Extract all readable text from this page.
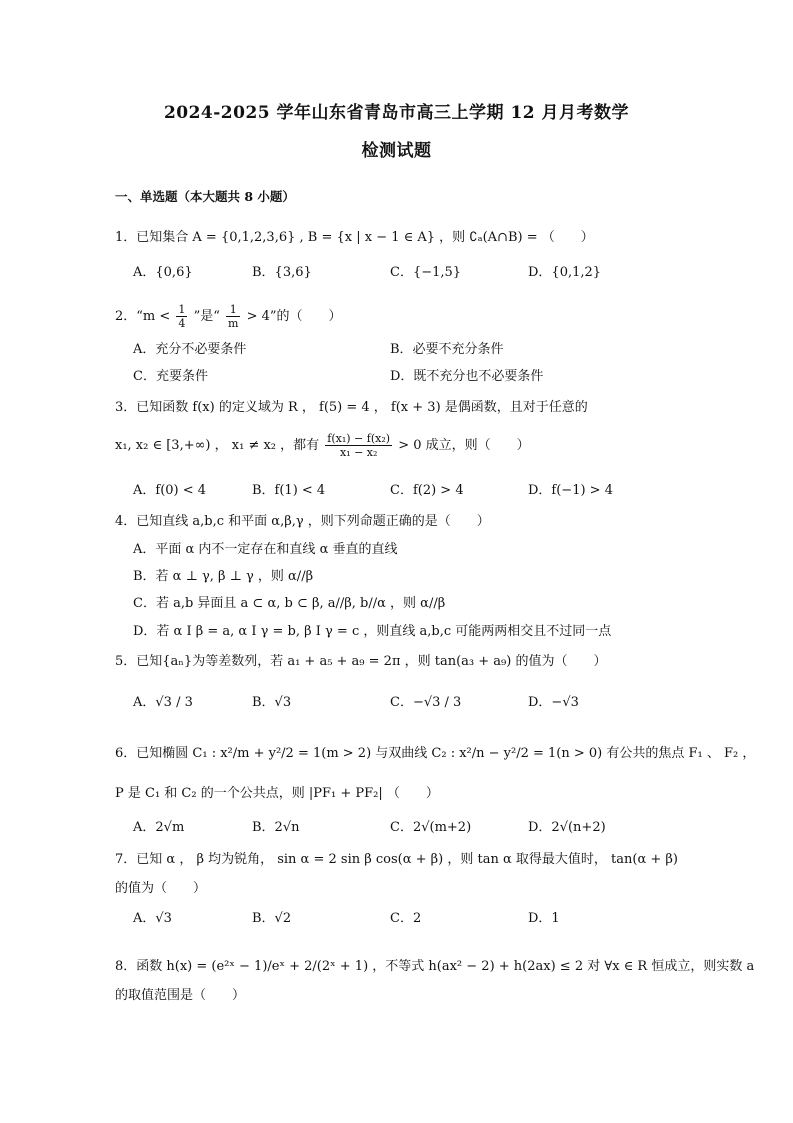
2024-2025 学年山东省青岛市高三上学期 12 月月考数学
检测试题
一、单选题（本大题共 8 小题）
1．已知集合 A = {0,1,2,3,6} , B = {x | x − 1 ∈ A} ，则 ∁ₐ(A∩B) = （　　）
A．{0,6}	B．{3,6}	C．{−1,5}	D．{0,1,2}
2．“$m < \frac{1}{4}$ ”是“ $\frac{1}{m} > 4$”的（　　）
A．充分不必要条件	B．必要不充分条件
C．充要条件	D．既不充分也不必要条件
3．已知函数 f(x) 的定义域为 R ， f(5) = 4 ， f(x + 3) 是偶函数，且对于任意的
x₁, x₂ ∈ [3,+∞) ， x₁ ≠ x₂ ，都有 $\frac{\text{f(x₁) − f(x₂)}}{\text{x₁ − x₂}} > 0$ 成立，则（　　）
A．f(0) < 4	B．f(1) < 4	C．f(2) > 4	D．f(−1) > 4
4．已知直线 a,b,c 和平面 α,β,γ ，则下列命题正确的是（　　）
A．平面 α 内不一定存在和直线 α 垂直的直线
B．若 α ⊥ γ, β ⊥ γ ，则 α//β
C．若 a,b 异面且 a ⊂ α, b ⊂ β, a//β, b//α ，则 α//β
D．若 α I β = a, α I γ = b, β I γ = c ，则直线 a,b,c 可能两两相交且不过同一点
5．已知{aₙ}为等差数列，若 a₁ + a₅ + a₉ = 2π ，则 tan(a₃ + a₉) 的值为（　　）
A．√3 / 3	B．√3	C．−√3 / 3	D．−√3
6．已知椭圆 C₁ : x²/m + y²/2 = 1(m > 2) 与双曲线 C₂ : x²/n − y²/2 = 1(n > 0) 有公共的焦点 F₁ 、 F₂ ，
P 是 C₁ 和 C₂ 的一个公共点，则 |PF₁ + PF₂| （　　）
A．2√m	B．2√n	C．2√(m+2)	D．2√(n+2)
7．已知 α ， β 均为锐角， sin α = 2 sin β cos(α + β) ，则 tan α 取得最大值时， tan(α + β)
的值为（　　）
A．√3	B．√2	C．2	D．1
8．函数 h(x) = (e²ˣ − 1)/eˣ + 2/(2ˣ + 1) ，不等式 h(ax² − 2) + h(2ax) ≤ 2 对 ∀x ∈ R 恒成立，则实数 a
的取值范围是（　　）
